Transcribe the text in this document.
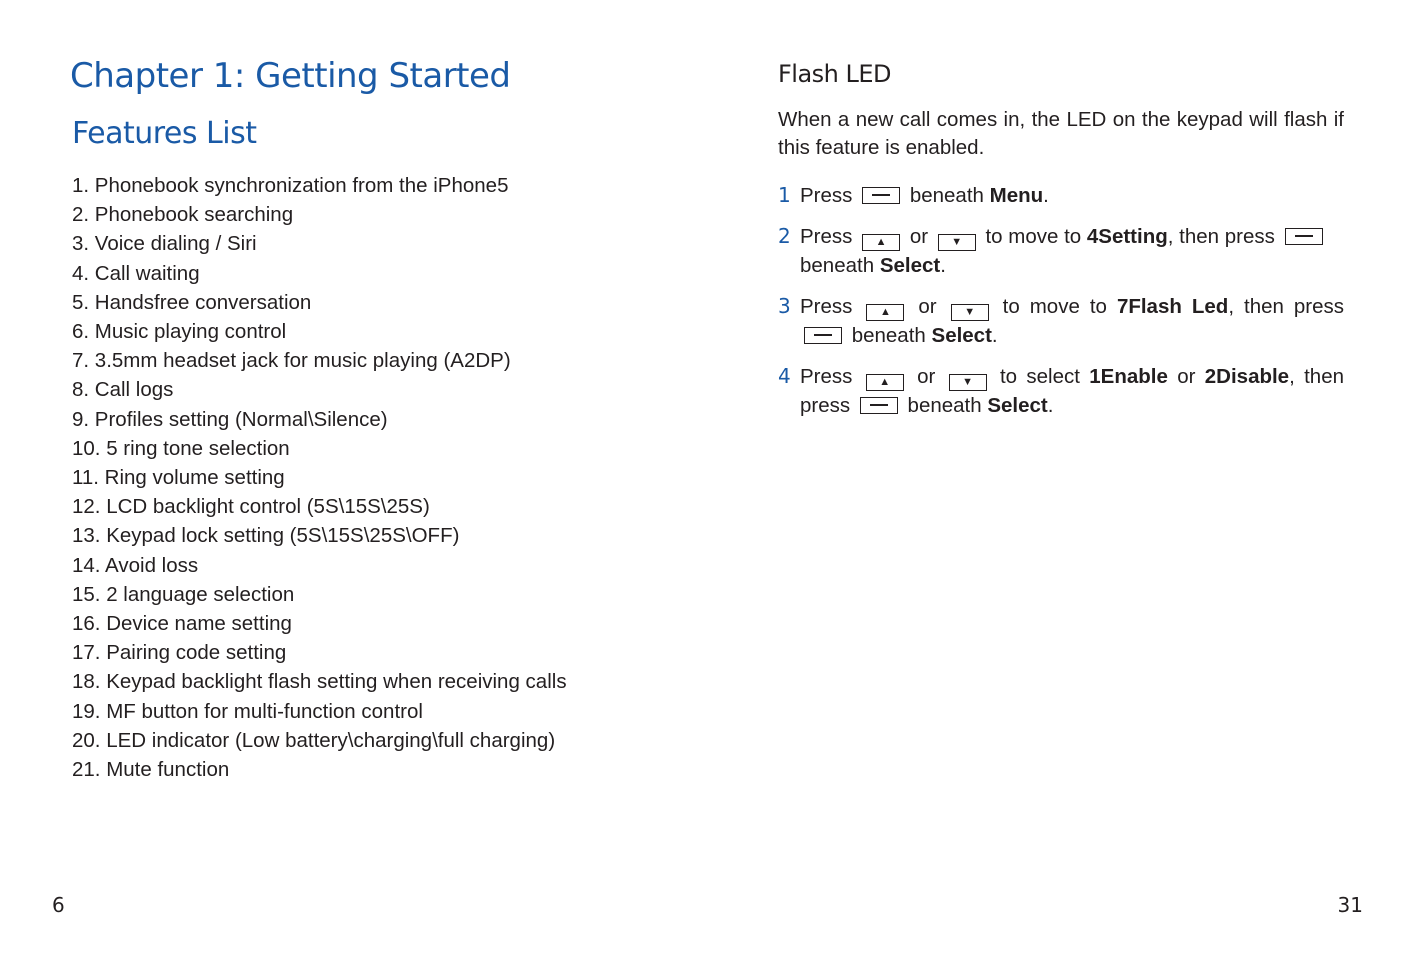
Chapter 1: Getting Started
Features List
1. Phonebook synchronization from the iPhone5
2. Phonebook searching
3. Voice dialing / Siri
4. Call waiting
5. Handsfree conversation
6. Music playing control
7. 3.5mm headset jack for music playing (A2DP)
8. Call logs
9. Profiles setting (Normal\Silence)
10. 5 ring tone selection
11. Ring volume setting
12. LCD backlight control (5S\15S\25S)
13. Keypad lock setting (5S\15S\25S\OFF)
14. Avoid loss
15. 2 language selection
16. Device name setting
17. Pairing code setting
18. Keypad backlight flash setting when receiving calls
19. MF button for multi-function control
20. LED indicator (Low battery\charging\full charging)
21. Mute function

6

Flash LED

When a new call comes in, the LED on the keypad will flash if this feature is enabled.

1 Press	beneath Menu.
2 Press ▲ or ▼ to move to 4Setting, then press
beneath Select.
3 Press	▲ or	▼ to move to 7Flash Led, then press
beneath Select.
4 Press ▲ or ▼ to select 1Enable or 2Disable, then
press	beneath Select.

31
